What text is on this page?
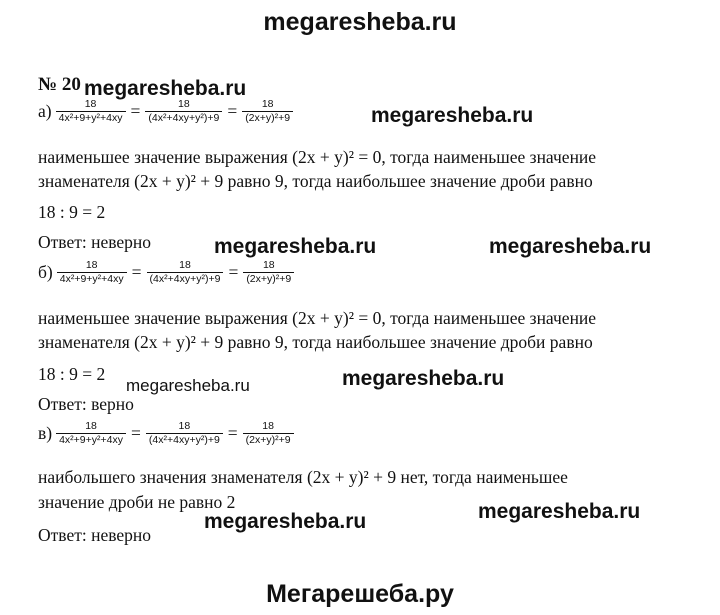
megaresheba.ru
№ 20 megaresheba.ru
$а) \frac{18}{\text{4x²+9+y²+4xy}} = \frac{18}{\text{(4x²+4xy+y²)+9}} = \frac{18}{\text{(2x+y)²+9}}$	megaresheba.ru
наименьшее значение выражения (2x + y)² = 0, тогда наименьшее значение
знаменателя (2x + y)² + 9 равно 9, тогда наибольшее значение дроби равно
18 : 9 = 2
Ответ: неверно	megaresheba.ru	megaresheba.ru
$б) \frac{18}{\text{4x²+9+y²+4xy}} = \frac{18}{\text{(4x²+4xy+y²)+9}} = \frac{18}{\text{(2x+y)²+9}}$
наименьшее значение выражения (2x + y)² = 0, тогда наименьшее значение
знаменателя (2x + y)² + 9 равно 9, тогда наибольшее значение дроби равно
18 : 9 = 2
megaresheba.ru	megaresheba.ru
Ответ: верно
$в) \frac{18}{\text{4x²+9+y²+4xy}} = \frac{18}{\text{(4x²+4xy+y²)+9}} = \frac{18}{\text{(2x+y)²+9}}$
наибольшего значения знаменателя (2x + y)² + 9 нет, тогда наименьшее
значение дроби не равно 2
megaresheba.ru	megaresheba.ru
Ответ: неверно
Мегарешеба.ру
